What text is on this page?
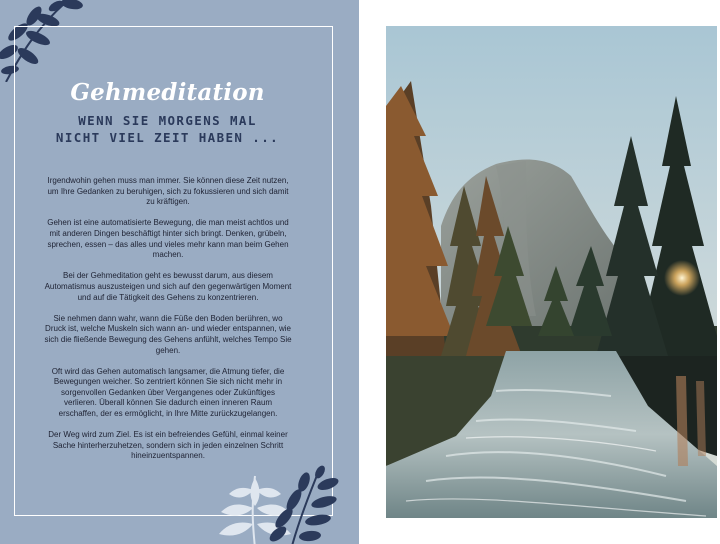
Gehmeditation
WENN SIE MORGENS MAL
NICHT VIEL ZEIT HABEN ...

Irgendwohin gehen muss man immer. Sie können diese Zeit nutzen, um Ihre Gedanken zu beruhigen, sich zu fokussieren und sich damit zu kräftigen.

Gehen ist eine automatisierte Bewegung, die man meist achtlos und mit anderen Dingen beschäftigt hinter sich bringt. Denken, grübeln, sprechen, essen – das alles und vieles mehr kann man beim Gehen machen.

Bei der Gehmeditation geht es bewusst darum, aus diesem Automatismus auszusteigen und sich auf den gegenwärtigen Moment und auf die Tätigkeit des Gehens zu konzentrieren.

Sie nehmen dann wahr, wann die Füße den Boden berühren, wo Druck ist, welche Muskeln sich wann an- und wieder entspannen, wie sich die fließende Bewegung des Gehens anfühlt, welches Tempo Sie gehen.

Oft wird das Gehen automatisch langsamer, die Atmung tiefer, die Bewegungen weicher. So zentriert können Sie sich nicht mehr in sorgenvollen Gedanken über Vergangenes oder Zukünftiges verlieren. Überall können Sie dadurch einen inneren Raum erschaffen, der es ermöglicht, in Ihre Mitte zurückzugelangen.

Der Weg wird zum Ziel. Es ist ein befreiendes Gefühl, einmal keiner Sache hinterherzuhetzen, sondern sich in jeden einzelnen Schritt hineinzuentspannen.
